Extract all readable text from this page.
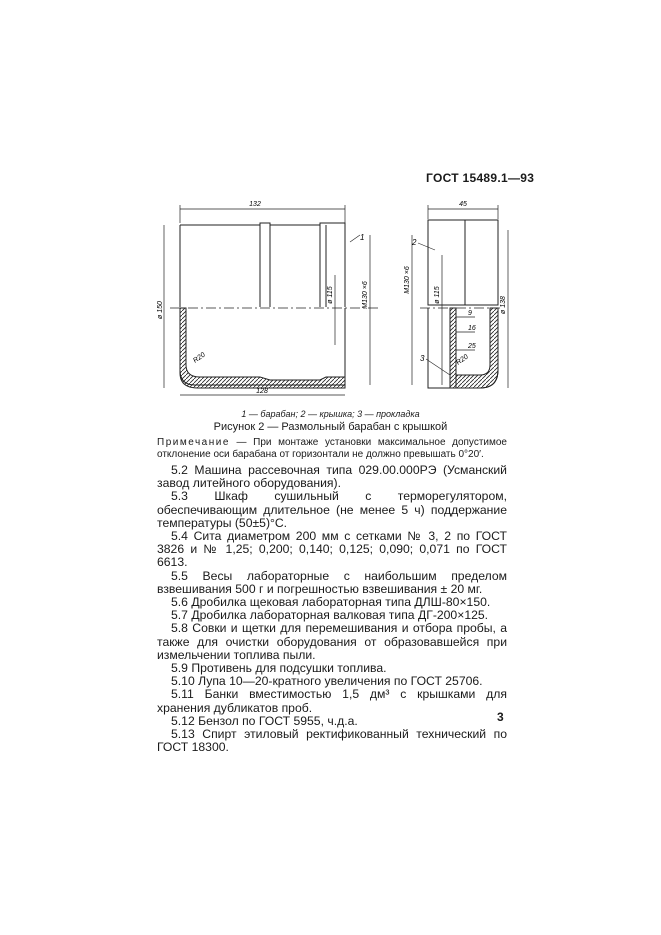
ГОСТ 15489.1—93
132
128
ø 150
ø 115	M130 ×6
R20
1
45
M130 ×6
ø 115
ø 138
9
16
25
R20
2
3
1 — барабан; 2 — крышка; 3 — прокладка
Рисунок 2 — Размольный барабан с крышкой
Примечание — При монтаже установки максимальное допустимое отклонение оси барабана от горизонтали не должно превышать 0°20′.

5.2 Машина рассевочная типа 029.00.000РЭ (Усманский завод литейного оборудования).

5.3 Шкаф сушильный с терморегулятором, обеспечивающим длительное (не менее 5 ч) поддержание температуры (50±5)°С.

5.4 Сита диаметром 200 мм с сетками № 3, 2 по ГОСТ 3826 и № 1,25; 0,200; 0,140; 0,125; 0,090; 0,071 по ГОСТ 6613.

5.5 Весы лабораторные с наибольшим пределом взвешивания 500 г и погрешностью взвешивания ± 20 мг.

5.6 Дробилка щековая лабораторная типа ДЛШ-80×150.

5.7 Дробилка лабораторная валковая типа ДГ-200×125.

5.8 Совки и щетки для перемешивания и отбора пробы, а также для очистки оборудования от образовавшейся при измельчении топлива пыли.

5.9 Противень для подсушки топлива.

5.10 Лупа 10—20-кратного увеличения по ГОСТ 25706.

5.11 Банки вместимостью 1,5 дм³ с крышками для хранения дубликатов проб.

5.12 Бензол по ГОСТ 5955, ч.д.а.

5.13 Спирт этиловый ректификованный технический по ГОСТ 18300.

3
